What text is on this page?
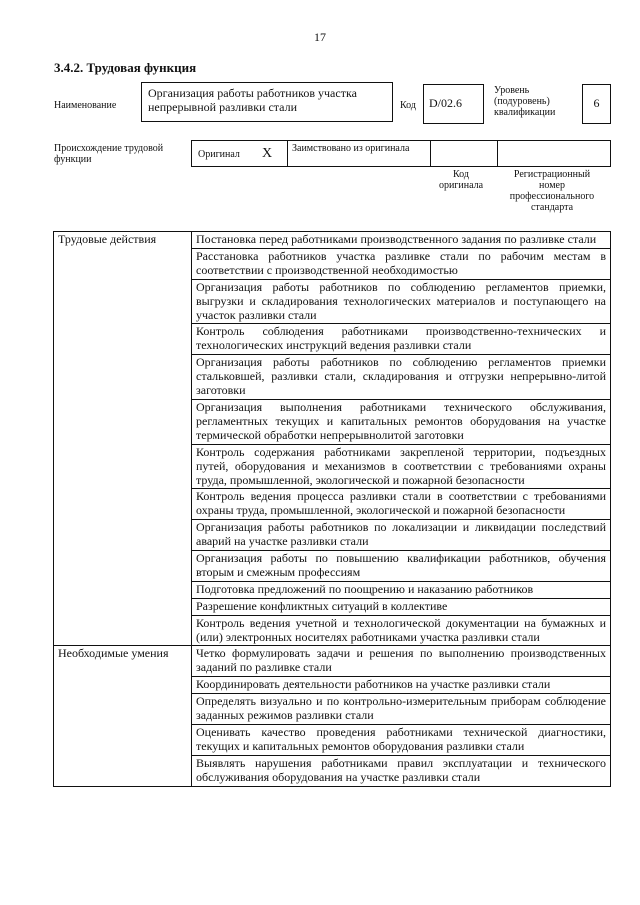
17
3.4.2. Трудовая функция
Наименование
Организация работы работников участка непрерывной разливки стали	Код	D/02.6
Уровень (подуровень) квалификации
6
Происхождение трудовой функции	Оригинал X Заимствовано из оригинала
Код оригинала
Регистрационный номер профессионального стандарта
Трудовые действия	Постановка перед работниками производственного задания по разливке стали
	Расстановка работников участка разливке стали по рабочим местам в соответствии с производственной необходимостью
	Организация работы работников по соблюдению регламентов приемки, выгрузки и складирования технологических материалов и поступающего на участок разливки стали
	Контроль соблюдения работниками производственно-технических и технологических инструкций ведения разливки стали
	Организация работы работников по соблюдению регламентов приемки стальковшей, разливки стали, складирования и отгрузки непрерывно-литой заготовки
	Организация выполнения работниками технического обслуживания, регламентных текущих и капитальных ремонтов оборудования на участке термической обработки непрерывнолитой заготовки
	Контроль содержания работниками закрепленой территории, подъездных путей, оборудования и механизмов в соответствии с требованиями охраны труда, промышленной, экологической и пожарной безопасности
	Контроль ведения процесса разливки стали в соответствии с требованиями охраны труда, промышленной, экологической и пожарной безопасности
	Организация работы работников по локализации и ликвидации последствий аварий на участке разливки стали
	Организация работы по повышению квалификации работников, обучения вторым и смежным профессиям
	Подготовка предложений по поощрению и наказанию работников
	Разрешение конфликтных ситуаций в коллективе
	Контроль ведения учетной и технологической документации на бумажных и (или) электронных носителях работниками участка разливки стали
Необходимые умения	Четко формулировать задачи и решения по выполнению производственных заданий по разливке стали
	Координировать деятельности работников на участке разливки стали
	Определять визуально и по контрольно-измерительным приборам соблюдение заданных режимов разливки стали
	Оценивать качество проведения работниками технической диагностики, текущих и капитальных ремонтов оборудования разливки стали
	Выявлять нарушения работниками правил эксплуатации и технического обслуживания оборудования на участке разливки стали
